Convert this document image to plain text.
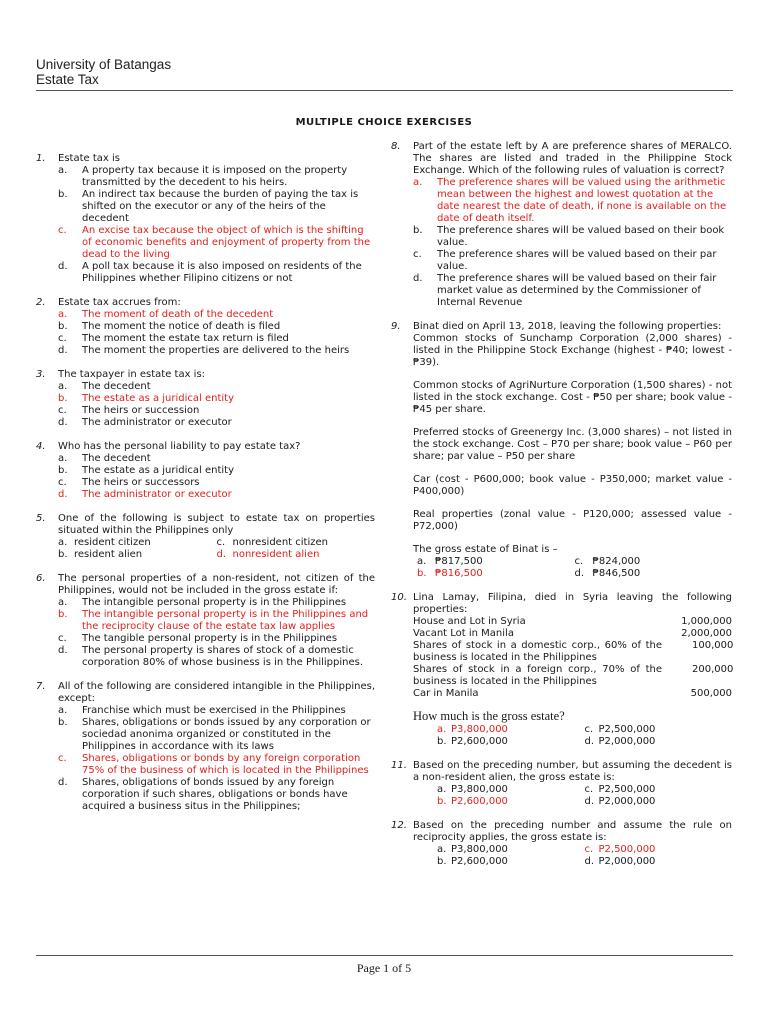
University of Batangas
Estate Tax
MULTIPLE CHOICE EXERCISES
1.	Estate tax is
a.	A property tax because it is imposed on the property transmitted by the decedent to his heirs.
b.	An indirect tax because the burden of paying the tax is shifted on the executor or any of the heirs of the decedent
c.	An excise tax because the object of which is the shifting of economic benefits and enjoyment of property from the dead to the living
d.	A poll tax because it is also imposed on residents of the Philippines whether Filipino citizens or not
2.	Estate tax accrues from:
a.	The moment of death of the decedent
b.	The moment the notice of death is filed
c.	The moment the estate tax return is filed
d.	The moment the properties are delivered to the heirs
3.	The taxpayer in estate tax is:
a.	The decedent
b.	The estate as a juridical entity
c.	The heirs or succession
d.	The administrator or executor
4.	Who has the personal liability to pay estate tax?
a.	The decedent
b.	The estate as a juridical entity
c.	The heirs or successors
d.	The administrator or executor
5.	One of the following is subject to estate tax on properties situated within the Philippines only
a. resident citizen	c. nonresident citizen
b. resident alien	d. nonresident alien
6.	The personal properties of a non-resident, not citizen of the Philippines, would not be included in the gross estate if:
a.	The intangible personal property is in the Philippines
b.	The intangible personal property is in the Philippines and the reciprocity clause of the estate tax law applies
c.	The tangible personal property is in the Philippines
d.	The personal property is shares of stock of a domestic corporation 80% of whose business is in the Philippines.
7.	All of the following are considered intangible in the Philippines, except:
a.	Franchise which must be exercised in the Philippines
b.	Shares, obligations or bonds issued by any corporation or sociedad anonima organized or constituted in the Philippines in accordance with its laws
c.	Shares, obligations or bonds by any foreign corporation 75% of the business of which is located in the Philippines
d.	Shares, obligations of bonds issued by any foreign corporation if such shares, obligations or bonds have acquired a business situs in the Philippines;
8.	Part of the estate left by A are preference shares of MERALCO. The shares are listed and traded in the Philippine Stock Exchange. Which of the following rules of valuation is correct?
a.	The preference shares will be valued using the arithmetic mean between the highest and lowest quotation at the date nearest the date of death, if none is available on the date of death itself.
b.	The preference shares will be valued based on their book value.
c.	The preference shares will be valued based on their par value.
d.	The preference shares will be valued based on their fair market value as determined by the Commissioner of Internal Revenue
9.	Binat died on April 13, 2018, leaving the following properties:
Common stocks of Sunchamp Corporation (2,000 shares) - listed in the Philippine Stock Exchange (highest - ₱40; lowest - ₱39).
Common stocks of AgriNurture Corporation (1,500 shares) - not listed in the stock exchange. Cost - ₱50 per share; book value - ₱45 per share.
Preferred stocks of Greenergy Inc. (3,000 shares) – not listed in the stock exchange. Cost – P70 per share; book value – P60 per share; par value – P50 per share
Car (cost - P600,000; book value - P350,000; market value - P400,000)
Real properties (zonal value - P120,000; assessed value - P72,000)
The gross estate of Binat is –
a. ₱817,500	c. ₱824,000
b. ₱816,500	d. ₱846,500
10. Lina Lamay, Filipina, died in Syria leaving the following properties:
House and Lot in Syria	1,000,000
Vacant Lot in Manila	2,000,000
Shares of stock in a domestic corp., 60% of the business is located in the Philippines
100,000
Shares of stock in a foreign corp., 70% of the business is located in the Philippines
200,000
Car in Manila	500,000
How much is the gross estate?
a. P3,800,000	c. P2,500,000
b. P2,600,000	d. P2,000,000
11. Based on the preceding number, but assuming the decedent is a non-resident alien, the gross estate is:
a. P3,800,000	c. P2,500,000
b. P2,600,000	d. P2,000,000
12. Based on the preceding number and assume the rule on reciprocity applies, the gross estate is:
a. P3,800,000	c. P2,500,000
b. P2,600,000	d. P2,000,000
Page 1 of 5
